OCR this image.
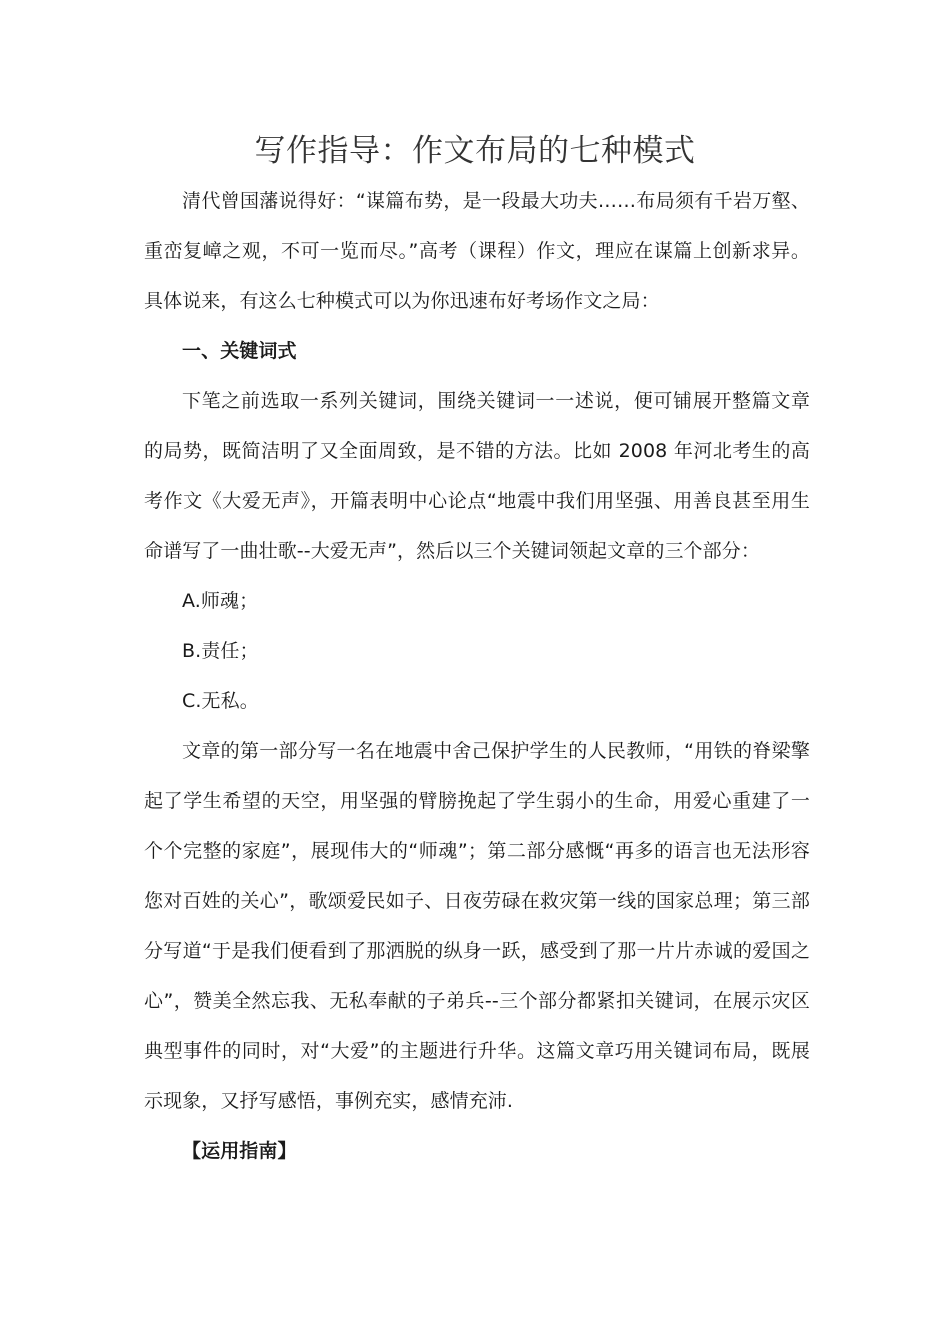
写作指导：作文布局的七种模式

清代曾国藩说得好：“谋篇布势，是一段最大功夫……布局须有千岩万壑、重峦复嶂之观，不可一览而尽。”高考（课程）作文，理应在谋篇上创新求异。具体说来，有这么七种模式可以为你迅速布好考场作文之局：

一、关键词式

下笔之前选取一系列关键词，围绕关键词一一述说，便可铺展开整篇文章的局势，既简洁明了又全面周致，是不错的方法。比如 2008 年河北考生的高考作文《大爱无声》，开篇表明中心论点“地震中我们用坚强、用善良甚至用生命谱写了一曲壮歌--大爱无声”，然后以三个关键词领起文章的三个部分：

A.师魂；

B.责任；

C.无私。

文章的第一部分写一名在地震中舍己保护学生的人民教师，“用铁的脊梁擎起了学生希望的天空，用坚强的臂膀挽起了学生弱小的生命，用爱心重建了一个个完整的家庭”，展现伟大的“师魂”；第二部分感慨“再多的语言也无法形容您对百姓的关心”，歌颂爱民如子、日夜劳碌在救灾第一线的国家总理；第三部分写道“于是我们便看到了那洒脱的纵身一跃，感受到了那一片片赤诚的爱国之心”，赞美全然忘我、无私奉献的子弟兵--三个部分都紧扣关键词，在展示灾区典型事件的同时，对“大爱”的主题进行升华。这篇文章巧用关键词布局，既展示现象，又抒写感悟，事例充实，感情充沛.

【运用指南】
